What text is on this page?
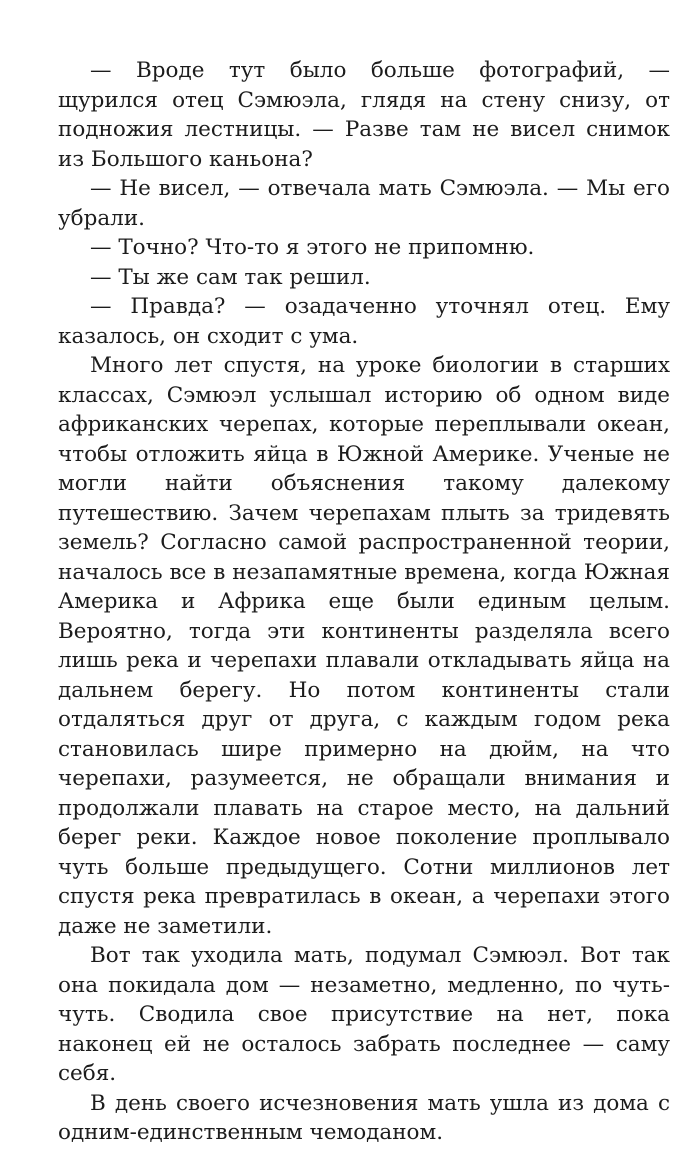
— Вроде тут было больше фотографий, — щурился отец Сэмюэла, глядя на стену снизу, от подножия лестницы. — Разве там не висел снимок из Большого каньона?

— Не висел, — отвечала мать Сэмюэла. — Мы его убрали.

— Точно? Что-то я этого не припомню.

— Ты же сам так решил.

— Правда? — озадаченно уточнял отец. Ему казалось, он сходит с ума.

Много лет спустя, на уроке биологии в старших классах, Сэмюэл услышал историю об одном виде африканских черепах, которые переплывали океан, чтобы отложить яйца в Южной Америке. Ученые не могли найти объяснения такому далекому путешествию. Зачем черепахам плыть за тридевять земель? Согласно самой распространенной теории, началось все в незапамятные времена, когда Южная Америка и Африка еще были единым целым. Вероятно, тогда эти континенты разделяла всего лишь река и черепахи плавали откладывать яйца на дальнем берегу. Но потом континенты стали отдаляться друг от друга, с каждым годом река становилась шире примерно на дюйм, на что черепахи, разумеется, не обращали внимания и продолжали плавать на старое место, на дальний берег реки. Каждое новое поколение проплывало чуть больше предыдущего. Сотни миллионов лет спустя река превратилась в океан, а черепахи этого даже не заметили.

Вот так уходила мать, подумал Сэмюэл. Вот так она покидала дом — незаметно, медленно, по чуть-чуть. Сводила свое присутствие на нет, пока наконец ей не осталось забрать последнее — саму себя.

В день своего исчезновения мать ушла из дома с одним-единственным чемоданом.
